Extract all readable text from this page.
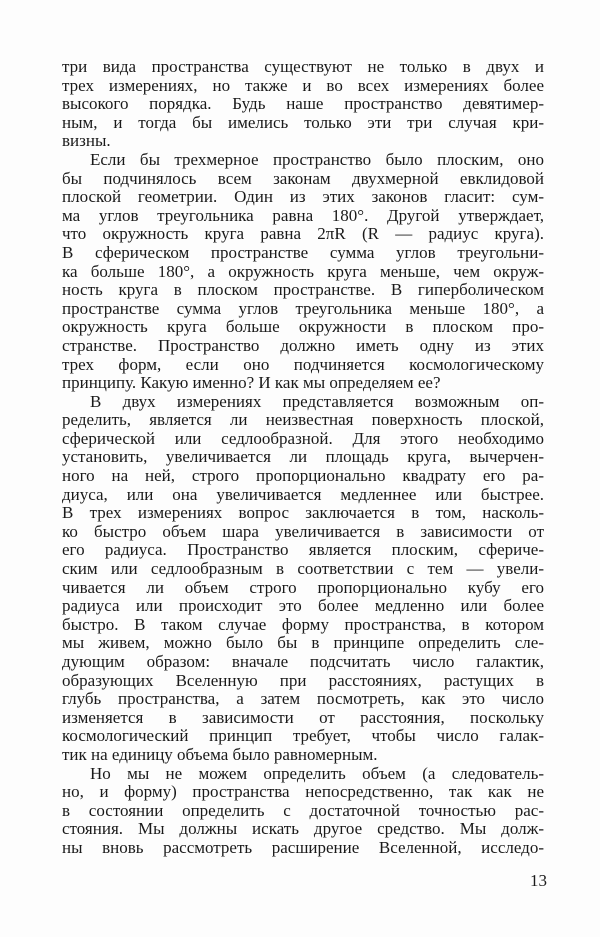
три вида пространства существуют не только в двух и
трех измерениях, но также и во всех измерениях более
высокого порядка. Будь наше пространство девятимер-
ным, и тогда бы имелись только эти три случая кри-
визны.
Если бы трехмерное пространство было плоским, оно
бы подчинялось всем законам двухмерной евклидовой
плоской геометрии. Один из этих законов гласит: сум-
ма углов треугольника равна 180°. Другой утверждает,
что окружность круга равна 2πR (R — радиус круга).
В сферическом пространстве сумма углов треугольни-
ка больше 180°, а окружность круга меньше, чем окруж-
ность круга в плоском пространстве. В гиперболическом
пространстве сумма углов треугольника меньше 180°, а
окружность круга больше окружности в плоском про-
странстве. Пространство должно иметь одну из этих
трех форм, если оно подчиняется космологическому
принципу. Какую именно? И как мы определяем ее?
В двух измерениях представляется возможным оп-
ределить, является ли неизвестная поверхность плоской,
сферической или седлообразной. Для этого необходимо
установить, увеличивается ли площадь круга, вычерчен-
ного на ней, строго пропорционально квадрату его ра-
диуса, или она увеличивается медленнее или быстрее.
В трех измерениях вопрос заключается в том, насколь-
ко быстро объем шара увеличивается в зависимости от
его радиуса. Пространство является плоским, сфериче-
ским или седлообразным в соответствии с тем — увели-
чивается ли объем строго пропорционально кубу его
радиуса или происходит это более медленно или более
быстро. В таком случае форму пространства, в котором
мы живем, можно было бы в принципе определить сле-
дующим образом: вначале подсчитать число галактик,
образующих Вселенную при расстояниях, растущих в
глубь пространства, а затем посмотреть, как это число
изменяется в зависимости от расстояния, поскольку
космологический принцип требует, чтобы число галак-
тик на единицу объема было равномерным.
Но мы не можем определить объем (а следователь-
но, и форму) пространства непосредственно, так как не
в состоянии определить с достаточной точностью рас-
стояния. Мы должны искать другое средство. Мы долж-
ны вновь рассмотреть расширение Вселенной, исследо-
13
